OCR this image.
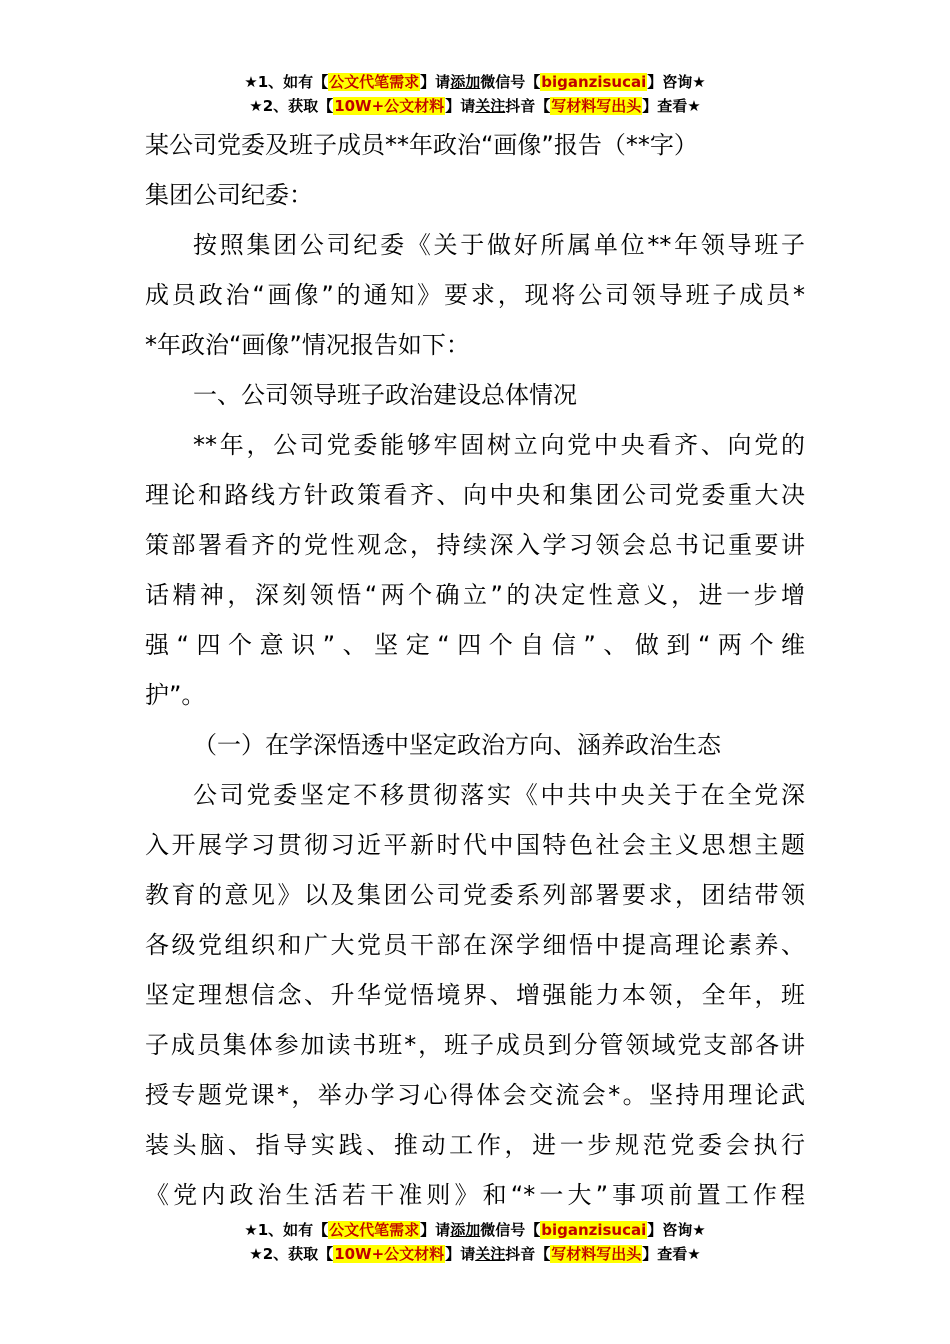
★1、如有【公文代笔需求】请添加微信号【biganzisucai】咨询★
★2、获取【10W+公文材料】请关注抖音【写材料写出头】查看★
某公司党委及班子成员**年政治“画像”报告（**字）
集团公司纪委：
按照集团公司纪委《关于做好所属单位**年领导班子
成员政治“画像”的通知》要求，现将公司领导班子成员*
*年政治“画像”情况报告如下：
一、公司领导班子政治建设总体情况
**年，公司党委能够牢固树立向党中央看齐、向党的
理论和路线方针政策看齐、向中央和集团公司党委重大决
策部署看齐的党性观念，持续深入学习领会总书记重要讲
话精神，深刻领悟“两个确立”的决定性意义，进一步增
强“四个意识”、坚定“四个自信”、做到“两个维
护”。
（一）在学深悟透中坚定政治方向、涵养政治生态
公司党委坚定不移贯彻落实《中共中央关于在全党深
入开展学习贯彻习近平新时代中国特色社会主义思想主题
教育的意见》以及集团公司党委系列部署要求，团结带领
各级党组织和广大党员干部在深学细悟中提高理论素养、
坚定理想信念、升华觉悟境界、增强能力本领，全年，班
子成员集体参加读书班*，班子成员到分管领域党支部各讲
授专题党课*，举办学习心得体会交流会*。坚持用理论武
装头脑、指导实践、推动工作，进一步规范党委会执行
《党内政治生活若干准则》和“*一大”事项前置工作程
★1、如有【公文代笔需求】请添加微信号【biganzisucai】咨询★
★2、获取【10W+公文材料】请关注抖音【写材料写出头】查看★
